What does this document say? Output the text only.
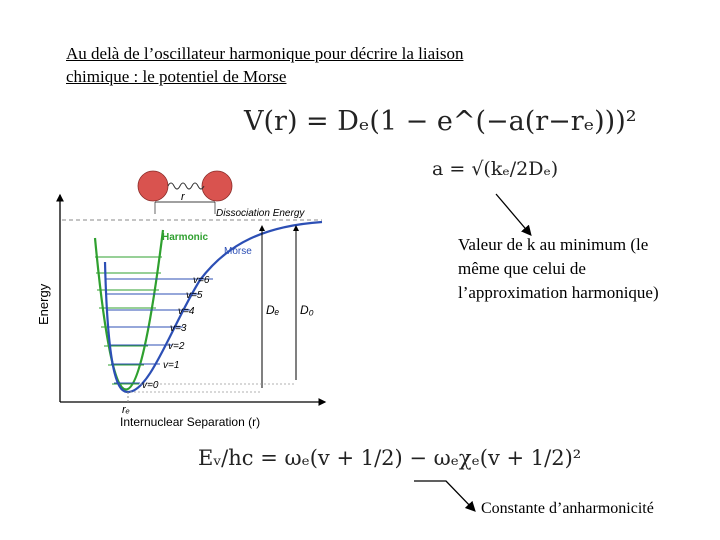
Au delà de l’oscillateur harmonique pour décrire la liaison chimique : le potentiel de Morse
V(r) = Dₑ(1 − e^(−a(r−rₑ)))²
a = √(kₑ/2Dₑ)
Eᵥ/hc = ωₑ(v + 1/2) − ωₑχₑ(v + 1/2)²
Valeur de k au minimum (le même que celui de l’approximation harmonique)
Constante d’anharmonicité
v=0
v=1
v=2
v=3
v=4
v=5
v=6
Dₑ D₀
Dissociation Energy
Harmonic
Morse
Energy
Internuclear Separation (r)
rₑ
r
